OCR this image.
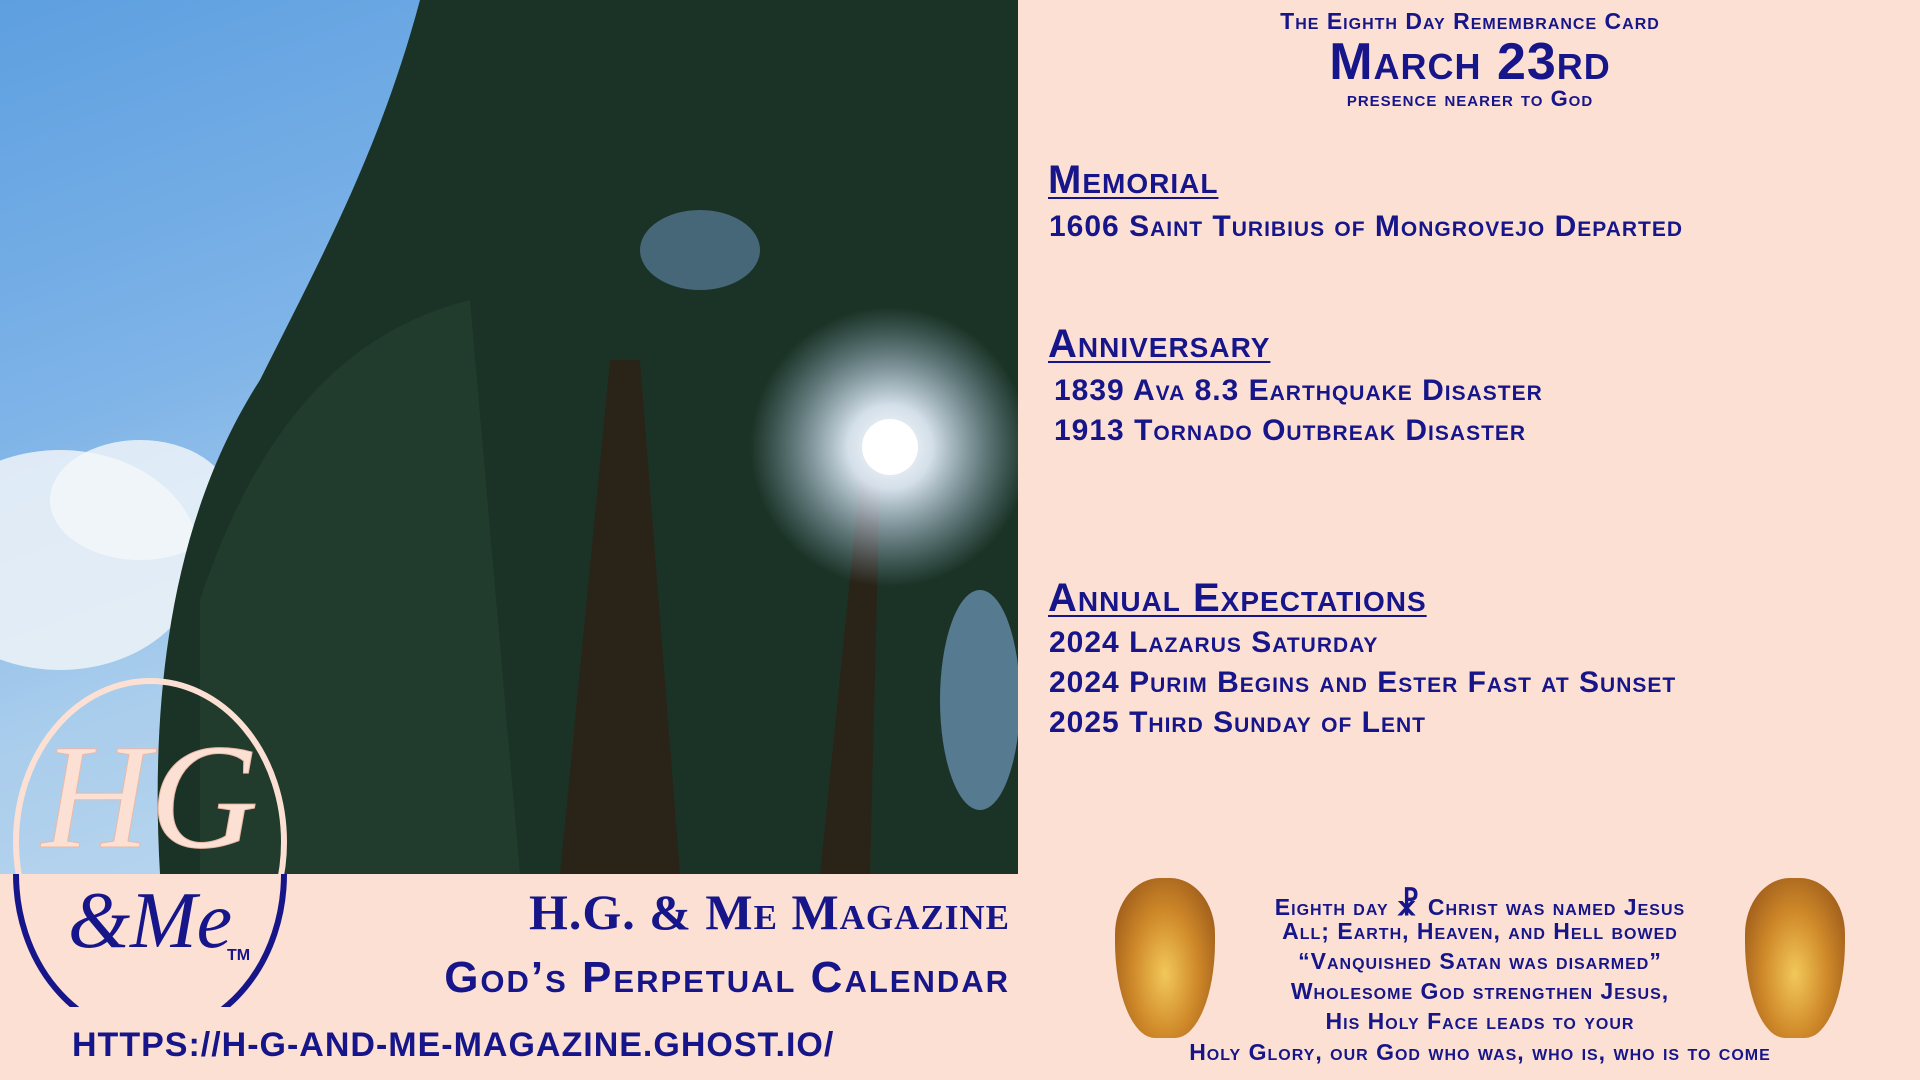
HG
&Me
TM
The Eighth Day Remembrance Card
March 23rd
presence nearer to God
Memorial
1606 Saint Turibius of Mongrovejo Departed
Anniversary
1839 Ava 8.3 Earthquake Disaster
1913 Tornado Outbreak Disaster
Annual Expectations
2024 Lazarus Saturday
2024 Purim Begins and Ester Fast at Sunset
2025 Third Sunday of Lent
Eighth day ☧ Christ was named Jesus
All; Earth, Heaven, and Hell bowed
“Vanquished Satan was disarmed”
Wholesome God strengthen Jesus,
His Holy Face leads to your
Holy Glory, our God who was, who is, who is to come
H.G. & Me Magazine
God’s Perpetual Calendar
HTTPS://H-G-AND-ME-MAGAZINE.GHOST.IO/
